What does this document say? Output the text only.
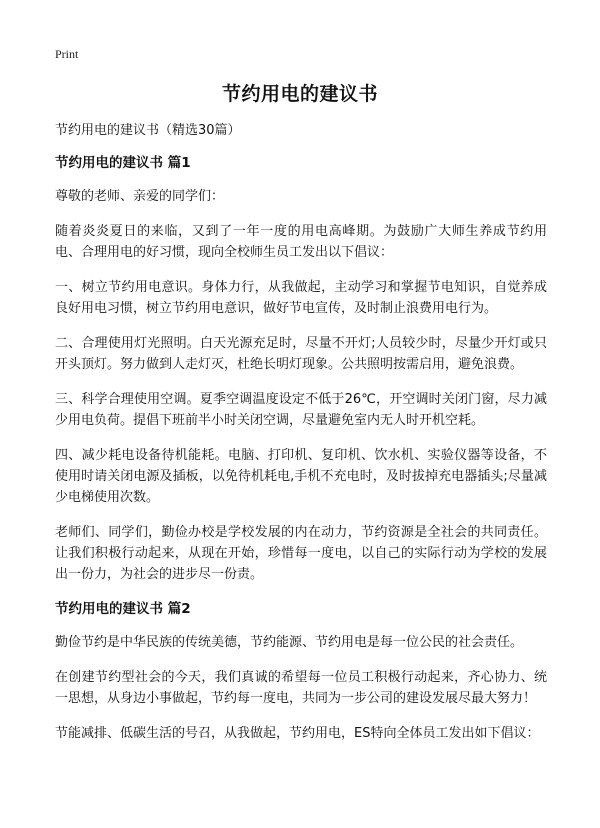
Print
节约用电的建议书
节约用电的建议书（精选30篇）
节约用电的建议书 篇1
尊敬的老师、亲爱的同学们：
随着炎炎夏日的来临，又到了一年一度的用电高峰期。为鼓励广大师生养成节约用电、合理用电的好习惯，现向全校师生员工发出以下倡议：
一、树立节约用电意识。身体力行，从我做起，主动学习和掌握节电知识，自觉养成良好用电习惯，树立节约用电意识，做好节电宣传，及时制止浪费用电行为。
二、合理使用灯光照明。白天光源充足时，尽量不开灯;人员较少时，尽量少开灯或只开头顶灯。努力做到人走灯灭，杜绝长明灯现象。公共照明按需启用，避免浪费。
三、科学合理使用空调。夏季空调温度设定不低于26℃，开空调时关闭门窗，尽力减少用电负荷。提倡下班前半小时关闭空调，尽量避免室内无人时开机空耗。
四、减少耗电设备待机能耗。电脑、打印机、复印机、饮水机、实验仪器等设备，不使用时请关闭电源及插板，以免待机耗电,手机不充电时，及时拔掉充电器插头;尽量减少电梯使用次数。
老师们、同学们，勤俭办校是学校发展的内在动力，节约资源是全社会的共同责任。让我们积极行动起来，从现在开始，珍惜每一度电，以自己的实际行动为学校的发展出一份力，为社会的进步尽一份责。
节约用电的建议书 篇2
勤俭节约是中华民族的传统美德，节约能源、节约用电是每一位公民的社会责任。
在创建节约型社会的今天，我们真诚的希望每一位员工积极行动起来，齐心协力、统一思想，从身边小事做起，节约每一度电，共同为一步公司的建设发展尽最大努力！
节能减排、低碳生活的号召，从我做起，节约用电，ES特向全体员工发出如下倡议：
